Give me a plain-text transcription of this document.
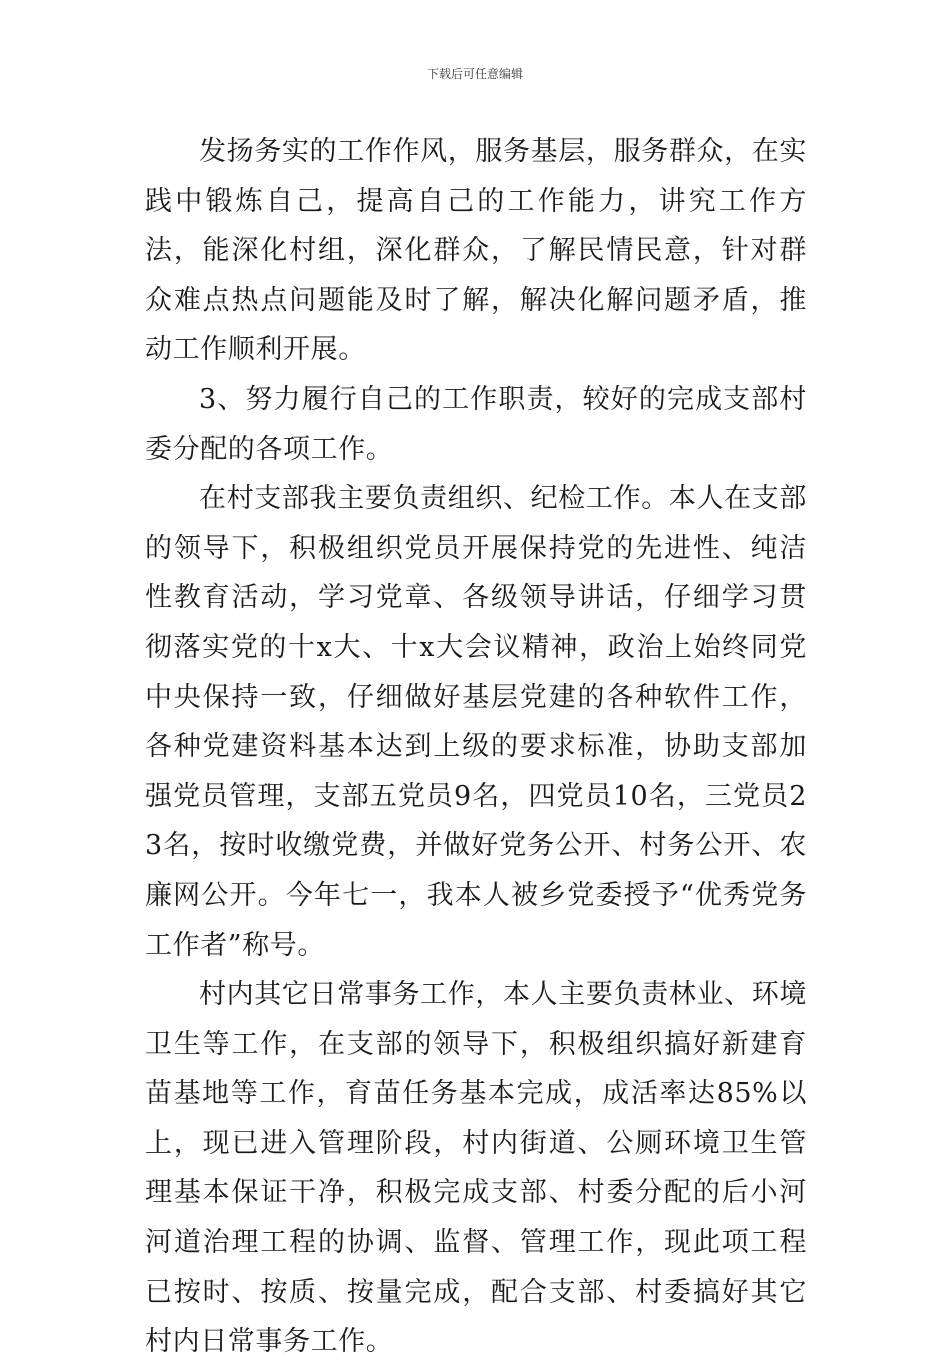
下载后可任意编辑

发扬务实的工作作风，服务基层，服务群众，在实践中锻炼自己，提高自己的工作能力，讲究工作方法，能深化村组，深化群众，了解民情民意，针对群众难点热点问题能及时了解，解决化解问题矛盾，推动工作顺利开展。

3、努力履行自己的工作职责，较好的完成支部村委分配的各项工作。

在村支部我主要负责组织、纪检工作。本人在支部的领导下，积极组织党员开展保持党的先进性、纯洁性教育活动，学习党章、各级领导讲话，仔细学习贯彻落实党的十x大、十x大会议精神，政治上始终同党中央保持一致，仔细做好基层党建的各种软件工作，各种党建资料基本达到上级的要求标准，协助支部加强党员管理，支部五党员9名，四党员10名，三党员23名，按时收缴党费，并做好党务公开、村务公开、农廉网公开。今年七一，我本人被乡党委授予“优秀党务工作者”称号。

村内其它日常事务工作，本人主要负责林业、环境卫生等工作，在支部的领导下，积极组织搞好新建育苗基地等工作，育苗任务基本完成，成活率达85%以上，现已进入管理阶段，村内街道、公厕环境卫生管理基本保证干净，积极完成支部、村委分配的后小河河道治理工程的协调、监督、管理工作，现此项工程已按时、按质、按量完成，配合支部、村委搞好其它村内日常事务工作。
